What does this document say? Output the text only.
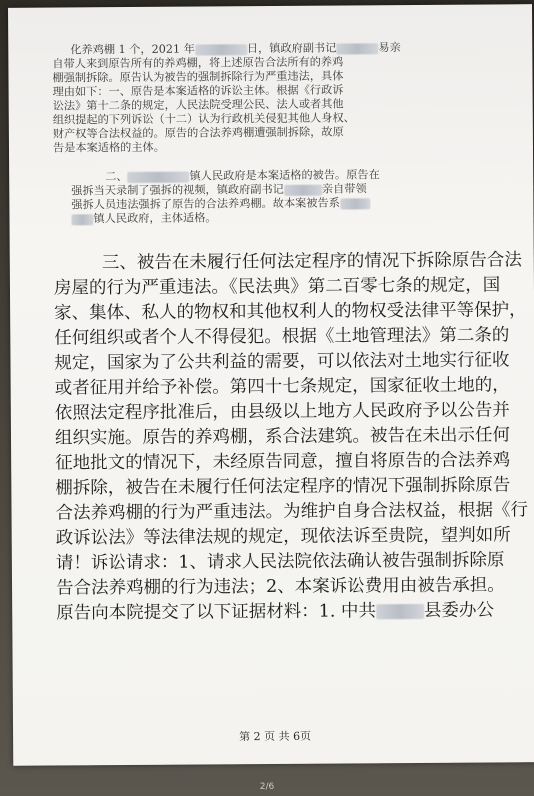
化养鸡棚 1 个，2021 年	日，镇政府副书记	易亲
自带人来到原告所有的养鸡棚，将上述原告合法所有的养鸡
棚强制拆除。原告认为被告的强制拆除行为严重违法，具体
理由如下：一、原告是本案适格的诉讼主体。根据《行政诉
讼法》第十二条的规定，人民法院受理公民、法人或者其他
组织提起的下列诉讼（十二）认为行政机关侵犯其他人身权、
财产权等合法权益的。原告的合法养鸡棚遭强制拆除，故原
告是本案适格的主体。
二、	镇人民政府是本案适格的被告。原告在
强拆当天录制了强拆的视频，镇政府副书记	亲自带领
强拆人员违法强拆了原告的合法养鸡棚。故本案被告系
镇人民政府，主体适格。
三、被告在未履行任何法定程序的情况下拆除原告合法
房屋的行为严重违法。《民法典》第二百零七条的规定，国
家、集体、私人的物权和其他权利人的物权受法律平等保护，
任何组织或者个人不得侵犯。根据《土地管理法》第二条的
规定，国家为了公共利益的需要，可以依法对土地实行征收
或者征用并给予补偿。第四十七条规定，国家征收土地的，
依照法定程序批准后，由县级以上地方人民政府予以公告并
组织实施。原告的养鸡棚，系合法建筑。被告在未出示任何
征地批文的情况下，未经原告同意，擅自将原告的合法养鸡
棚拆除，被告在未履行任何法定程序的情况下强制拆除原告
合法养鸡棚的行为严重违法。为维护自身合法权益，根据《行
政诉讼法》等法律法规的规定，现依法诉至贵院，望判如所
请！诉讼请求：1、请求人民法院依法确认被告强制拆除原
告合法养鸡棚的行为违法；2、本案诉讼费用由被告承担。
原告向本院提交了以下证据材料：1. 中共	县委办公
第 2 页 共 6页
2/6
